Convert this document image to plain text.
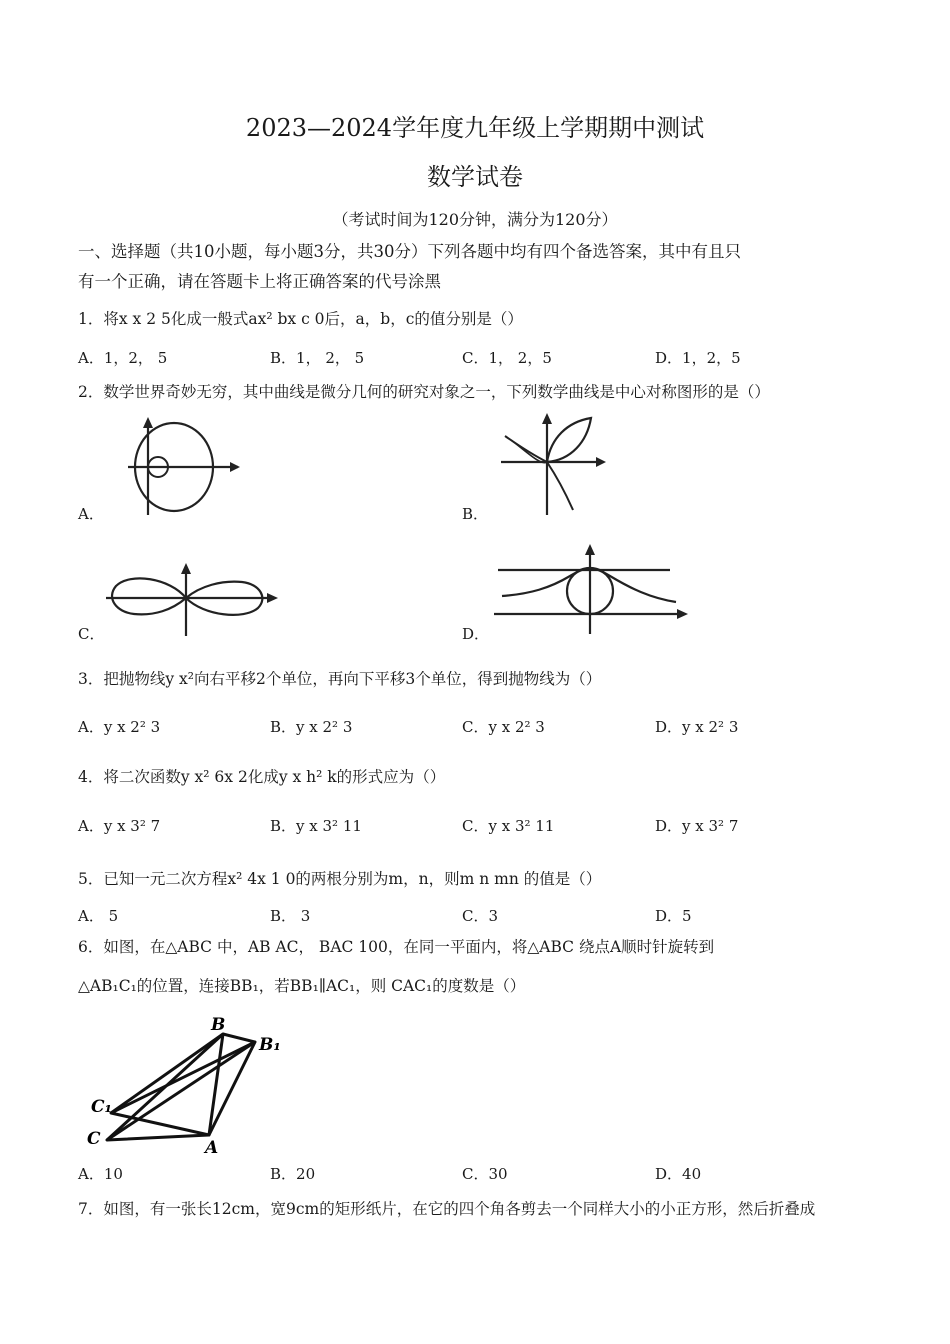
2023—2024学年度九年级上学期期中测试
数学试卷
（考试时间为120分钟，满分为120分）
一、选择题（共10小题，每小题3分，共30分）下列各题中均有四个备选答案，其中有且只
有一个正确，请在答题卡上将正确答案的代号涂黑
1．将x x 2 5化成一般式ax² bx c 0后，a，b，c的值分别是（）
A．1，2， 5	B．1， 2， 5	C．1， 2，5	D．1，2，5
2．数学世界奇妙无穷，其中曲线是微分几何的研究对象之一，下列数学曲线是中心对称图形的是（）
A．	B．
C．	D．
3．把抛物线y x²向右平移2个单位，再向下平移3个单位，得到抛物线为（）
A．y x 2² 3	B．y x 2² 3	C．y x 2² 3	D．y x 2² 3
4．将二次函数y x² 6x 2化成y x h² k的形式应为（）
A．y x 3² 7	B．y x 3² 11	C．y x 3² 11	D．y x 3² 7
5．已知一元二次方程x² 4x 1 0的两根分别为m，n，则m n mn 的值是（）
A． 5	B． 3	C．3	D．5
6．如图，在△ABC 中，AB AC， BAC 100，在同一平面内，将△ABC 绕点A顺时针旋转到
△AB₁C₁的位置，连接BB₁，若BB₁∥AC₁，则 CAC₁的度数是（）
B
B₁
C₁
C	A
A．10	B．20	C．30	D．40
7．如图，有一张长12cm，宽9cm的矩形纸片，在它的四个角各剪去一个同样大小的小正方形，然后折叠成
